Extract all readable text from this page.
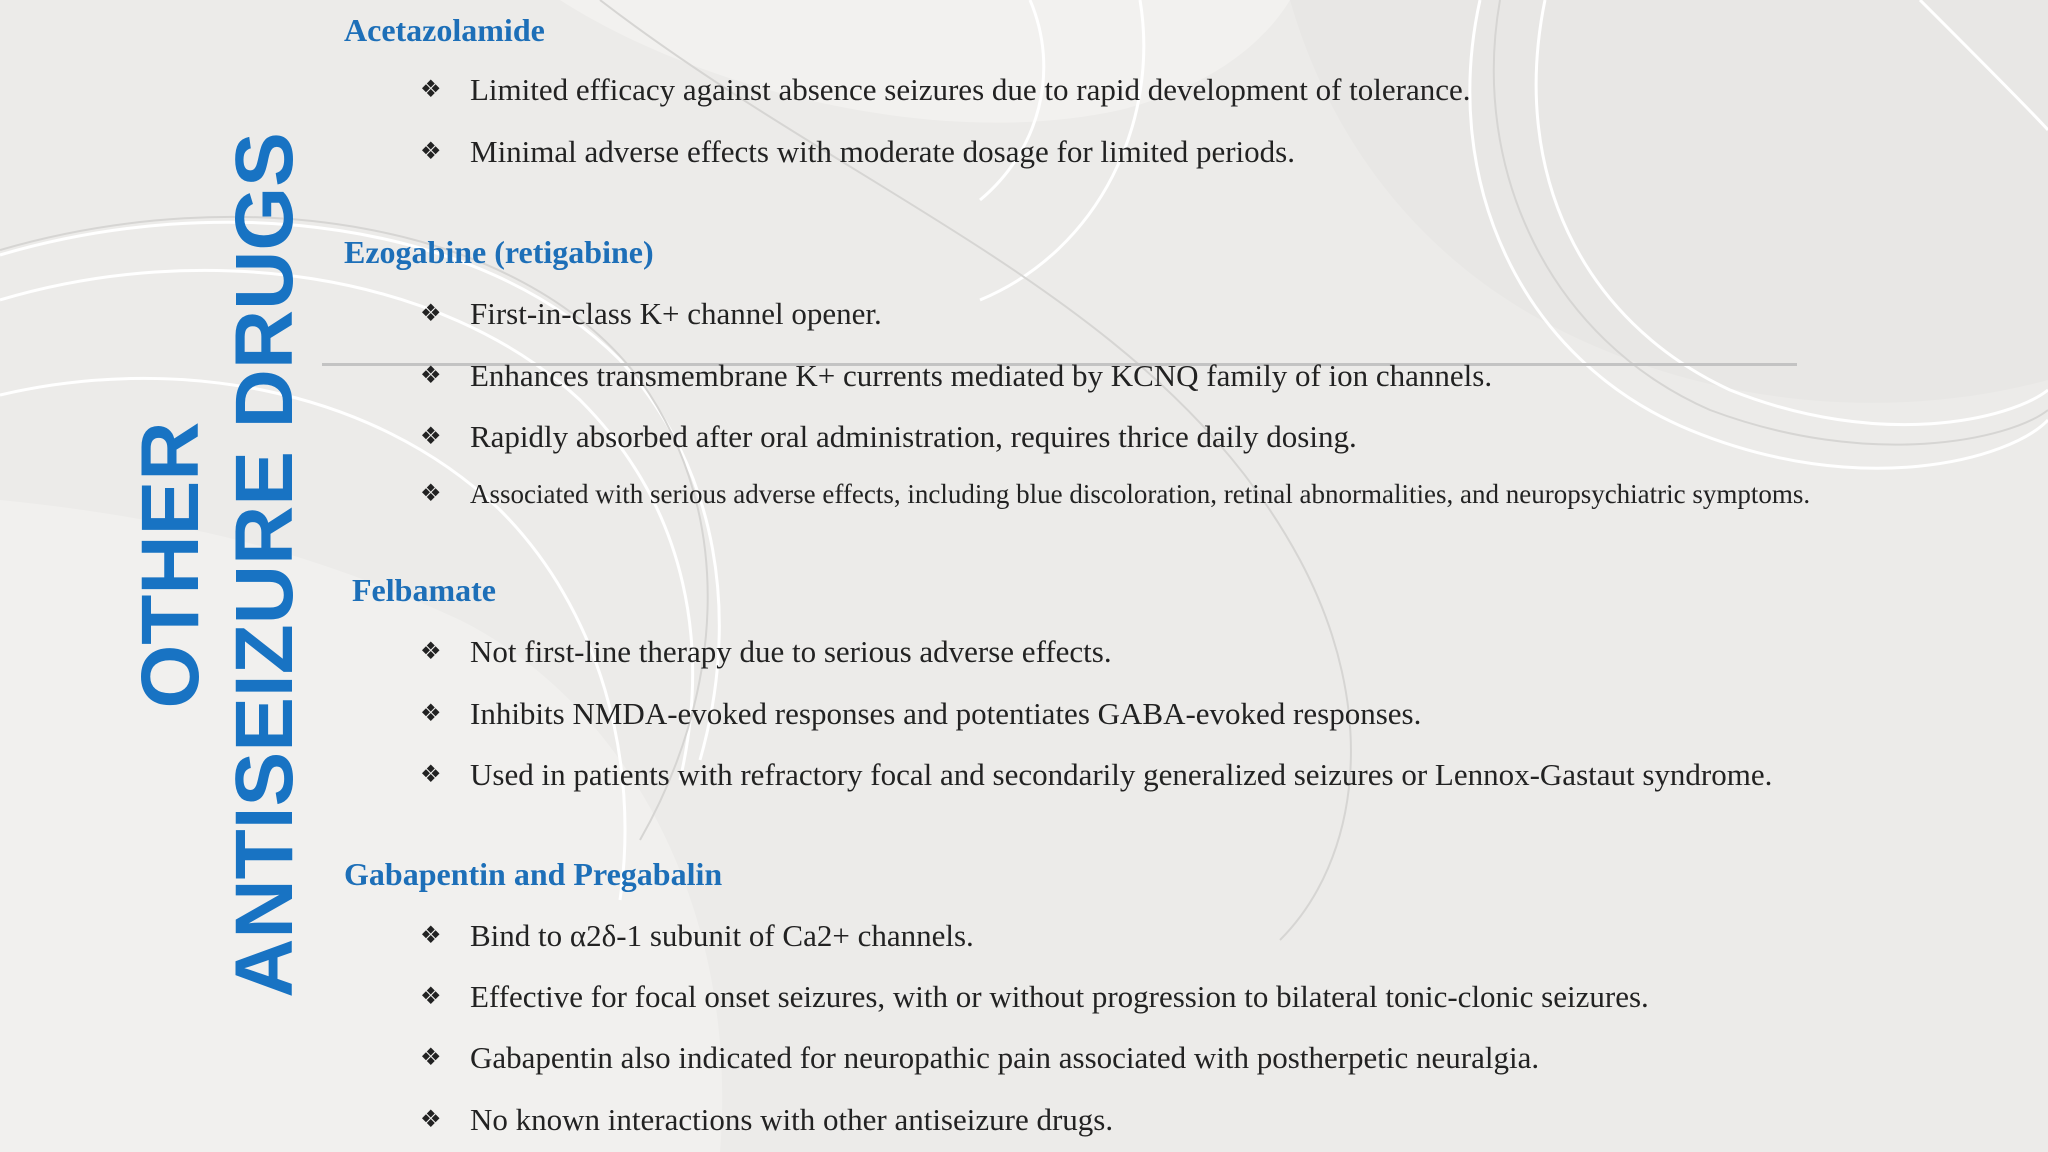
OTHER ANTISEIZURE DRUGS
Acetazolamide
❖ Limited efficacy against absence seizures due to rapid development of tolerance.
❖ Minimal adverse effects with moderate dosage for limited periods.
Ezogabine (retigabine)
❖ First-in-class K+ channel opener.
❖ Enhances transmembrane K+ currents mediated by KCNQ family of ion channels.
❖ Rapidly absorbed after oral administration, requires thrice daily dosing.
❖	Associated with serious adverse effects, including blue discoloration, retinal abnormalities, and neuropsychiatric symptoms.
Felbamate
❖ Not first-line therapy due to serious adverse effects.
❖ Inhibits NMDA-evoked responses and potentiates GABA-evoked responses.
❖ Used in patients with refractory focal and secondarily generalized seizures or Lennox-Gastaut syndrome.
Gabapentin and Pregabalin
❖ Bind to α2δ-1 subunit of Ca2+ channels.
❖ Effective for focal onset seizures, with or without progression to bilateral tonic-clonic seizures.
❖ Gabapentin also indicated for neuropathic pain associated with postherpetic neuralgia.
❖ No known interactions with other antiseizure drugs.
